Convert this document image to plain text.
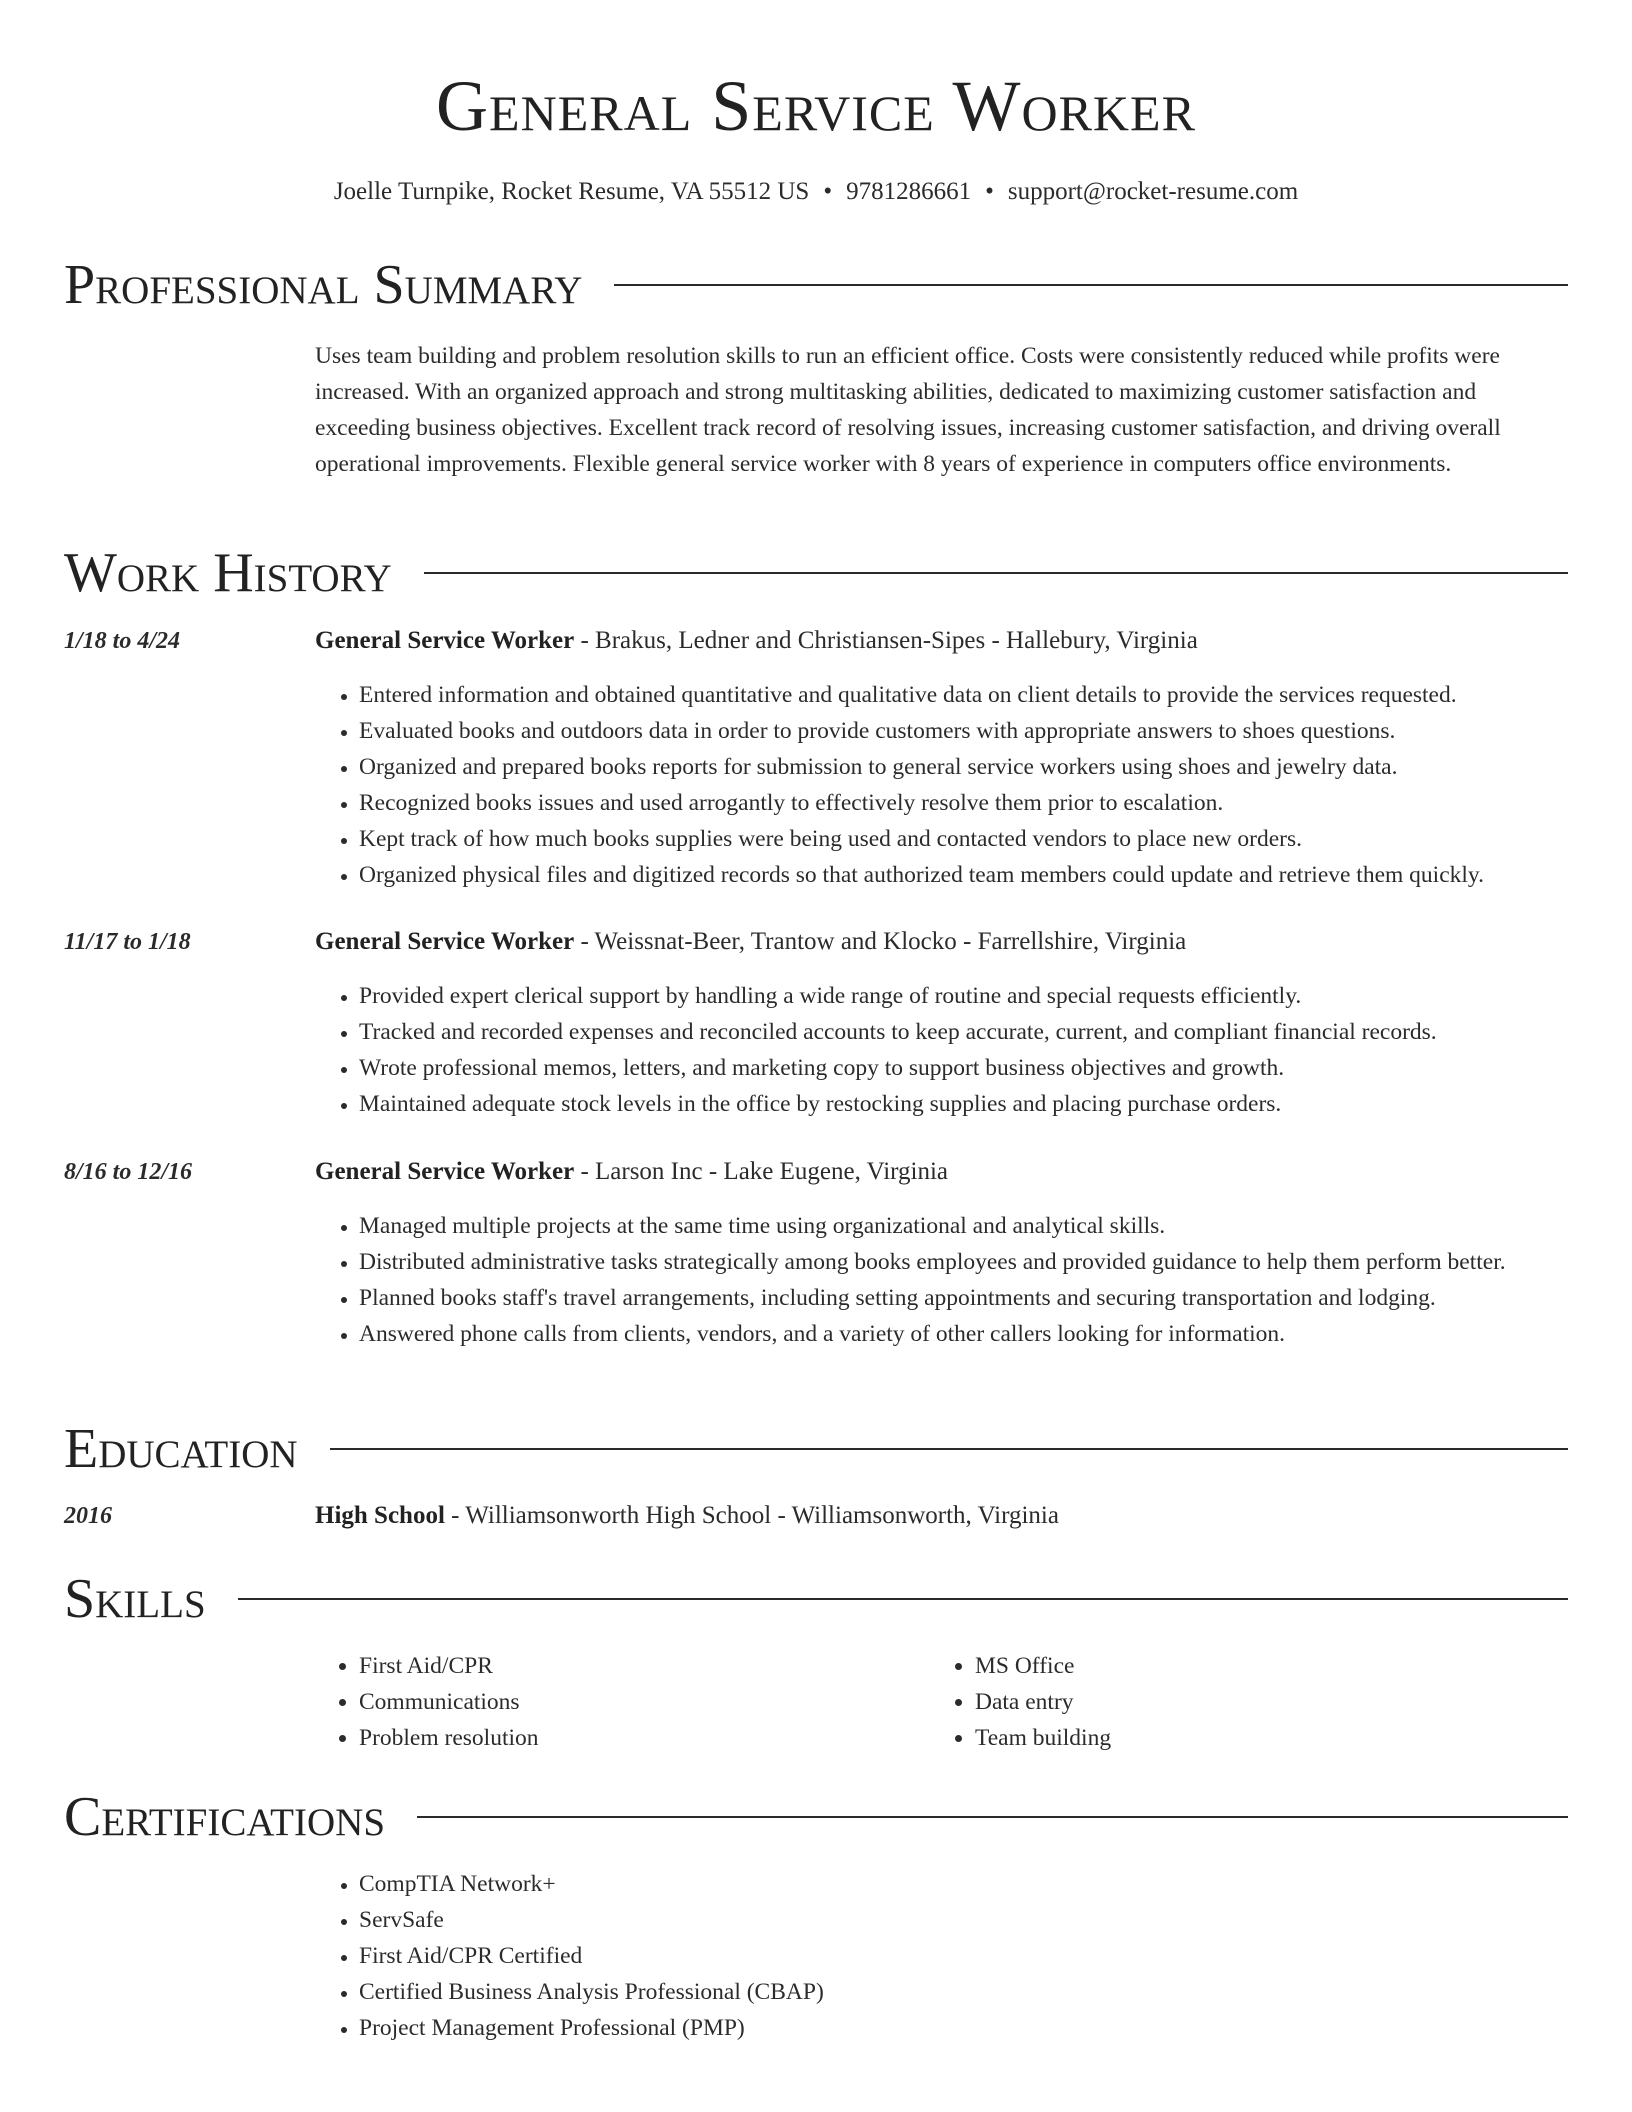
General Service Worker
Joelle Turnpike, Rocket Resume, VA 55512 US • 9781286661 • support@rocket-resume.com
Professional Summary
Uses team building and problem resolution skills to run an efficient office. Costs were consistently reduced while profits were increased. With an organized approach and strong multitasking abilities, dedicated to maximizing customer satisfaction and exceeding business objectives. Excellent track record of resolving issues, increasing customer satisfaction, and driving overall operational improvements. Flexible general service worker with 8 years of experience in computers office environments.
Work History
1/18 to 4/24	General Service Worker - Brakus, Ledner and Christiansen-Sipes - Hallebury, Virginia
• Entered information and obtained quantitative and qualitative data on client details to provide the services requested.
• Evaluated books and outdoors data in order to provide customers with appropriate answers to shoes questions.
• Organized and prepared books reports for submission to general service workers using shoes and jewelry data.
• Recognized books issues and used arrogantly to effectively resolve them prior to escalation.
• Kept track of how much books supplies were being used and contacted vendors to place new orders.
• Organized physical files and digitized records so that authorized team members could update and retrieve them quickly.
11/17 to 1/18	General Service Worker - Weissnat-Beer, Trantow and Klocko - Farrellshire, Virginia
• Provided expert clerical support by handling a wide range of routine and special requests efficiently.
• Tracked and recorded expenses and reconciled accounts to keep accurate, current, and compliant financial records.
• Wrote professional memos, letters, and marketing copy to support business objectives and growth.
• Maintained adequate stock levels in the office by restocking supplies and placing purchase orders.
8/16 to 12/16	General Service Worker - Larson Inc - Lake Eugene, Virginia
• Managed multiple projects at the same time using organizational and analytical skills.
• Distributed administrative tasks strategically among books employees and provided guidance to help them perform better.
• Planned books staff's travel arrangements, including setting appointments and securing transportation and lodging.
• Answered phone calls from clients, vendors, and a variety of other callers looking for information.
Education
2016	High School - Williamsonworth High School - Williamsonworth, Virginia
Skills
• First Aid/CPR
• Communications
• Problem resolution
• MS Office
• Data entry
• Team building
Certifications
• CompTIA Network+
• ServSafe
• First Aid/CPR Certified
• Certified Business Analysis Professional (CBAP)
• Project Management Professional (PMP)
